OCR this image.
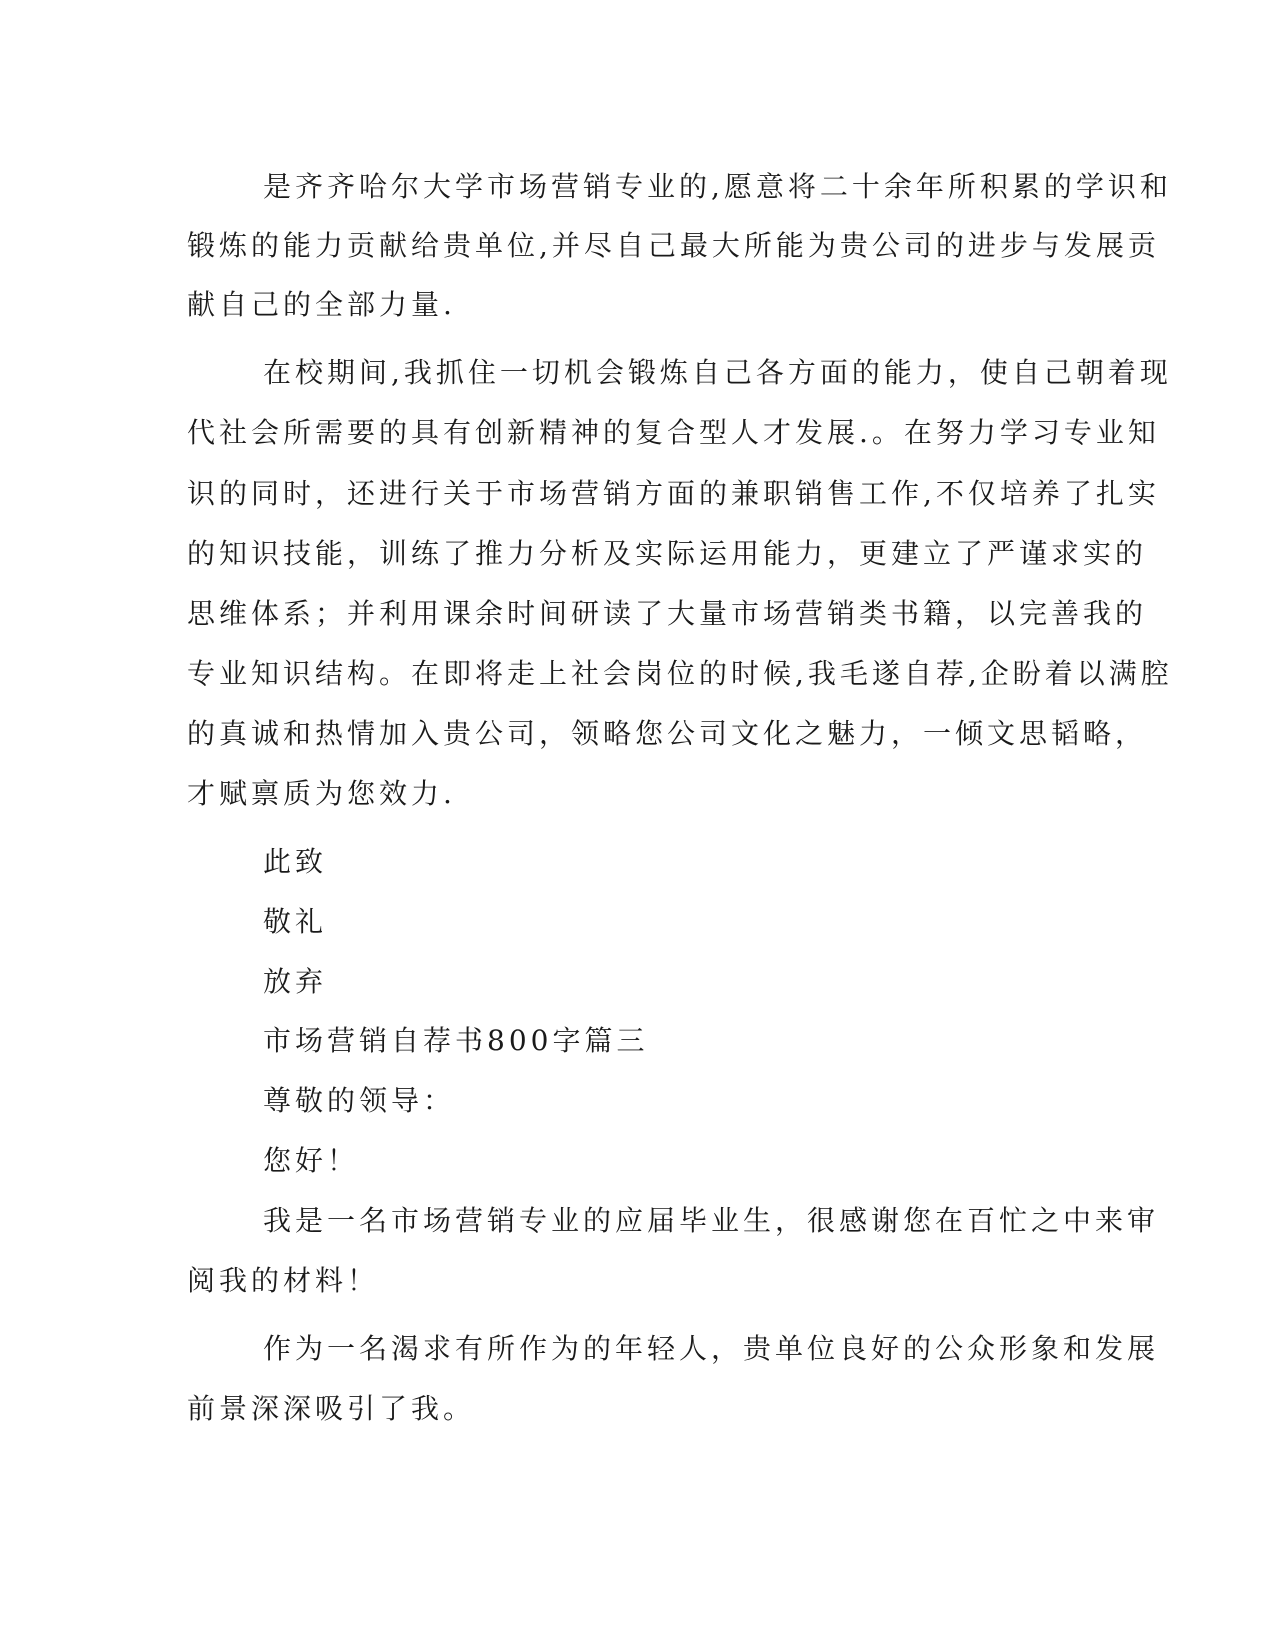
是齐齐哈尔大学市场营销专业的,愿意将二十余年所积累的学识和
锻炼的能力贡献给贵单位,并尽自己最大所能为贵公司的进步与发展贡
献自己的全部力量.
在校期间,我抓住一切机会锻炼自己各方面的能力，使自己朝着现
代社会所需要的具有创新精神的复合型人才发展.。在努力学习专业知
识的同时，还进行关于市场营销方面的兼职销售工作,不仅培养了扎实
的知识技能，训练了推力分析及实际运用能力，更建立了严谨求实的
思维体系；并利用课余时间研读了大量市场营销类书籍，以完善我的
专业知识结构。在即将走上社会岗位的时候,我毛遂自荐,企盼着以满腔
的真诚和热情加入贵公司，领略您公司文化之魅力，一倾文思韬略，
才赋禀质为您效力.
此致
敬礼
放弃
市场营销自荐书800字篇三
尊敬的领导：
您好！
我是一名市场营销专业的应届毕业生，很感谢您在百忙之中来审
阅我的材料！
作为一名渴求有所作为的年轻人，贵单位良好的公众形象和发展
前景深深吸引了我。
